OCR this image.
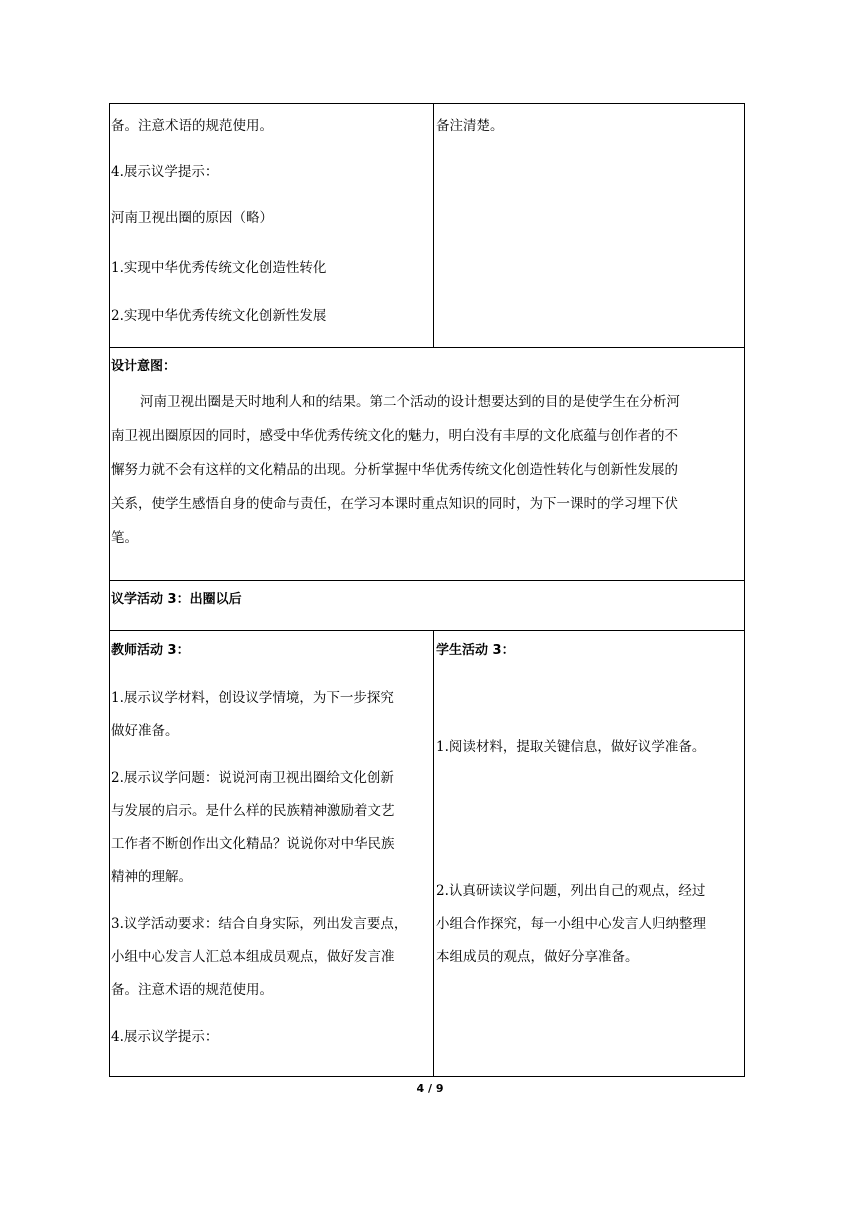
备。注意术语的规范使用。
4.展示议学提示：
河南卫视出圈的原因（略）
1.实现中华优秀传统文化创造性转化
2.实现中华优秀传统文化创新性发展
备注清楚。
设计意图：
河南卫视出圈是天时地利人和的结果。第二个活动的设计想要达到的目的是使学生在分析河
南卫视出圈原因的同时，感受中华优秀传统文化的魅力，明白没有丰厚的文化底蕴与创作者的不
懈努力就不会有这样的文化精品的出现。分析掌握中华优秀传统文化创造性转化与创新性发展的
关系，使学生感悟自身的使命与责任，在学习本课时重点知识的同时，为下一课时的学习埋下伏
笔。
议学活动 3：出圈以后
教师活动 3：
1.展示议学材料，创设议学情境，为下一步探究
做好准备。
2.展示议学问题：说说河南卫视出圈给文化创新
与发展的启示。是什么样的民族精神激励着文艺
工作者不断创作出文化精品？说说你对中华民族
精神的理解。
3.议学活动要求：结合自身实际，列出发言要点，
小组中心发言人汇总本组成员观点，做好发言准
备。注意术语的规范使用。
4.展示议学提示：
学生活动 3：
1.阅读材料，提取关键信息，做好议学准备。
2.认真研读议学问题，列出自己的观点，经过
小组合作探究，每一小组中心发言人归纳整理
本组成员的观点，做好分享准备。
4 / 9
